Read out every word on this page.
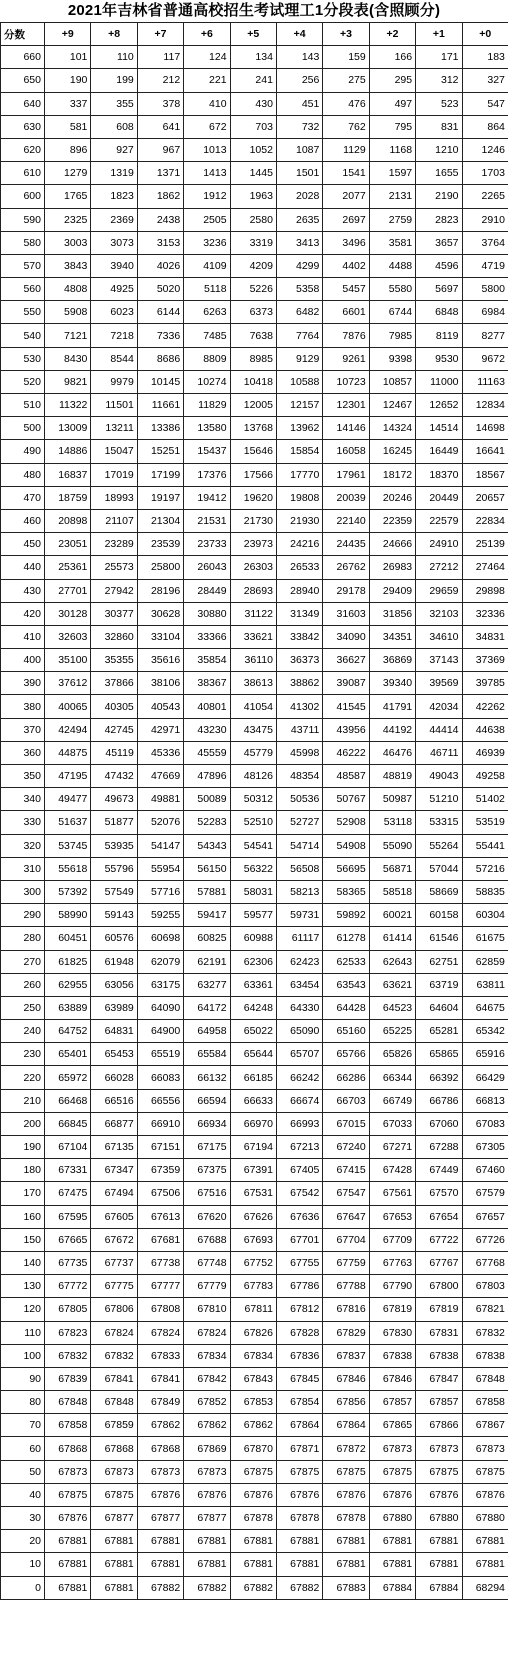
2021年吉林省普通高校招生考试理工1分段表(含照顾分)
分数	+9	+8	+7	+6	+5	+4	+3	+2	+1	+0
660	101	110	117	124	134	143	159	166	171	183
650	190	199	212	221	241	256	275	295	312	327
640	337	355	378	410	430	451	476	497	523	547
630	581	608	641	672	703	732	762	795	831	864
620	896	927	967	1013	1052	1087	1129	1168	1210	1246
610	1279	1319	1371	1413	1445	1501	1541	1597	1655	1703
600	1765	1823	1862	1912	1963	2028	2077	2131	2190	2265
590	2325	2369	2438	2505	2580	2635	2697	2759	2823	2910
580	3003	3073	3153	3236	3319	3413	3496	3581	3657	3764
570	3843	3940	4026	4109	4209	4299	4402	4488	4596	4719
560	4808	4925	5020	5118	5226	5358	5457	5580	5697	5800
550	5908	6023	6144	6263	6373	6482	6601	6744	6848	6984
540	7121	7218	7336	7485	7638	7764	7876	7985	8119	8277
530	8430	8544	8686	8809	8985	9129	9261	9398	9530	9672
520	9821	9979	10145	10274	10418	10588	10723	10857	11000	11163
510	11322	11501	11661	11829	12005	12157	12301	12467	12652	12834
500	13009	13211	13386	13580	13768	13962	14146	14324	14514	14698
490	14886	15047	15251	15437	15646	15854	16058	16245	16449	16641
480	16837	17019	17199	17376	17566	17770	17961	18172	18370	18567
470	18759	18993	19197	19412	19620	19808	20039	20246	20449	20657
460	20898	21107	21304	21531	21730	21930	22140	22359	22579	22834
450	23051	23289	23539	23733	23973	24216	24435	24666	24910	25139
440	25361	25573	25800	26043	26303	26533	26762	26983	27212	27464
430	27701	27942	28196	28449	28693	28940	29178	29409	29659	29898
420	30128	30377	30628	30880	31122	31349	31603	31856	32103	32336
410	32603	32860	33104	33366	33621	33842	34090	34351	34610	34831
400	35100	35355	35616	35854	36110	36373	36627	36869	37143	37369
390	37612	37866	38106	38367	38613	38862	39087	39340	39569	39785
380	40065	40305	40543	40801	41054	41302	41545	41791	42034	42262
370	42494	42745	42971	43230	43475	43711	43956	44192	44414	44638
360	44875	45119	45336	45559	45779	45998	46222	46476	46711	46939
350	47195	47432	47669	47896	48126	48354	48587	48819	49043	49258
340	49477	49673	49881	50089	50312	50536	50767	50987	51210	51402
330	51637	51877	52076	52283	52510	52727	52908	53118	53315	53519
320	53745	53935	54147	54343	54541	54714	54908	55090	55264	55441
310	55618	55796	55954	56150	56322	56508	56695	56871	57044	57216
300	57392	57549	57716	57881	58031	58213	58365	58518	58669	58835
290	58990	59143	59255	59417	59577	59731	59892	60021	60158	60304
280	60451	60576	60698	60825	60988	61117	61278	61414	61546	61675
270	61825	61948	62079	62191	62306	62423	62533	62643	62751	62859
260	62955	63056	63175	63277	63361	63454	63543	63621	63719	63811
250	63889	63989	64090	64172	64248	64330	64428	64523	64604	64675
240	64752	64831	64900	64958	65022	65090	65160	65225	65281	65342
230	65401	65453	65519	65584	65644	65707	65766	65826	65865	65916
220	65972	66028	66083	66132	66185	66242	66286	66344	66392	66429
210	66468	66516	66556	66594	66633	66674	66703	66749	66786	66813
200	66845	66877	66910	66934	66970	66993	67015	67033	67060	67083
190	67104	67135	67151	67175	67194	67213	67240	67271	67288	67305
180	67331	67347	67359	67375	67391	67405	67415	67428	67449	67460
170	67475	67494	67506	67516	67531	67542	67547	67561	67570	67579
160	67595	67605	67613	67620	67626	67636	67647	67653	67654	67657
150	67665	67672	67681	67688	67693	67701	67704	67709	67722	67726
140	67735	67737	67738	67748	67752	67755	67759	67763	67767	67768
130	67772	67775	67777	67779	67783	67786	67788	67790	67800	67803
120	67805	67806	67808	67810	67811	67812	67816	67819	67819	67821
110	67823	67824	67824	67824	67826	67828	67829	67830	67831	67832
100	67832	67832	67833	67834	67834	67836	67837	67838	67838	67838
90	67839	67841	67841	67842	67843	67845	67846	67846	67847	67848
80	67848	67848	67849	67852	67853	67854	67856	67857	67857	67858
70	67858	67859	67862	67862	67862	67864	67864	67865	67866	67867
60	67868	67868	67868	67869	67870	67871	67872	67873	67873	67873
50	67873	67873	67873	67873	67875	67875	67875	67875	67875	67875
40	67875	67875	67876	67876	67876	67876	67876	67876	67876	67876
30	67876	67877	67877	67877	67878	67878	67878	67880	67880	67880
20	67881	67881	67881	67881	67881	67881	67881	67881	67881	67881
10	67881	67881	67881	67881	67881	67881	67881	67881	67881	67881
0	67881	67881	67882	67882	67882	67882	67883	67884	67884	68294
